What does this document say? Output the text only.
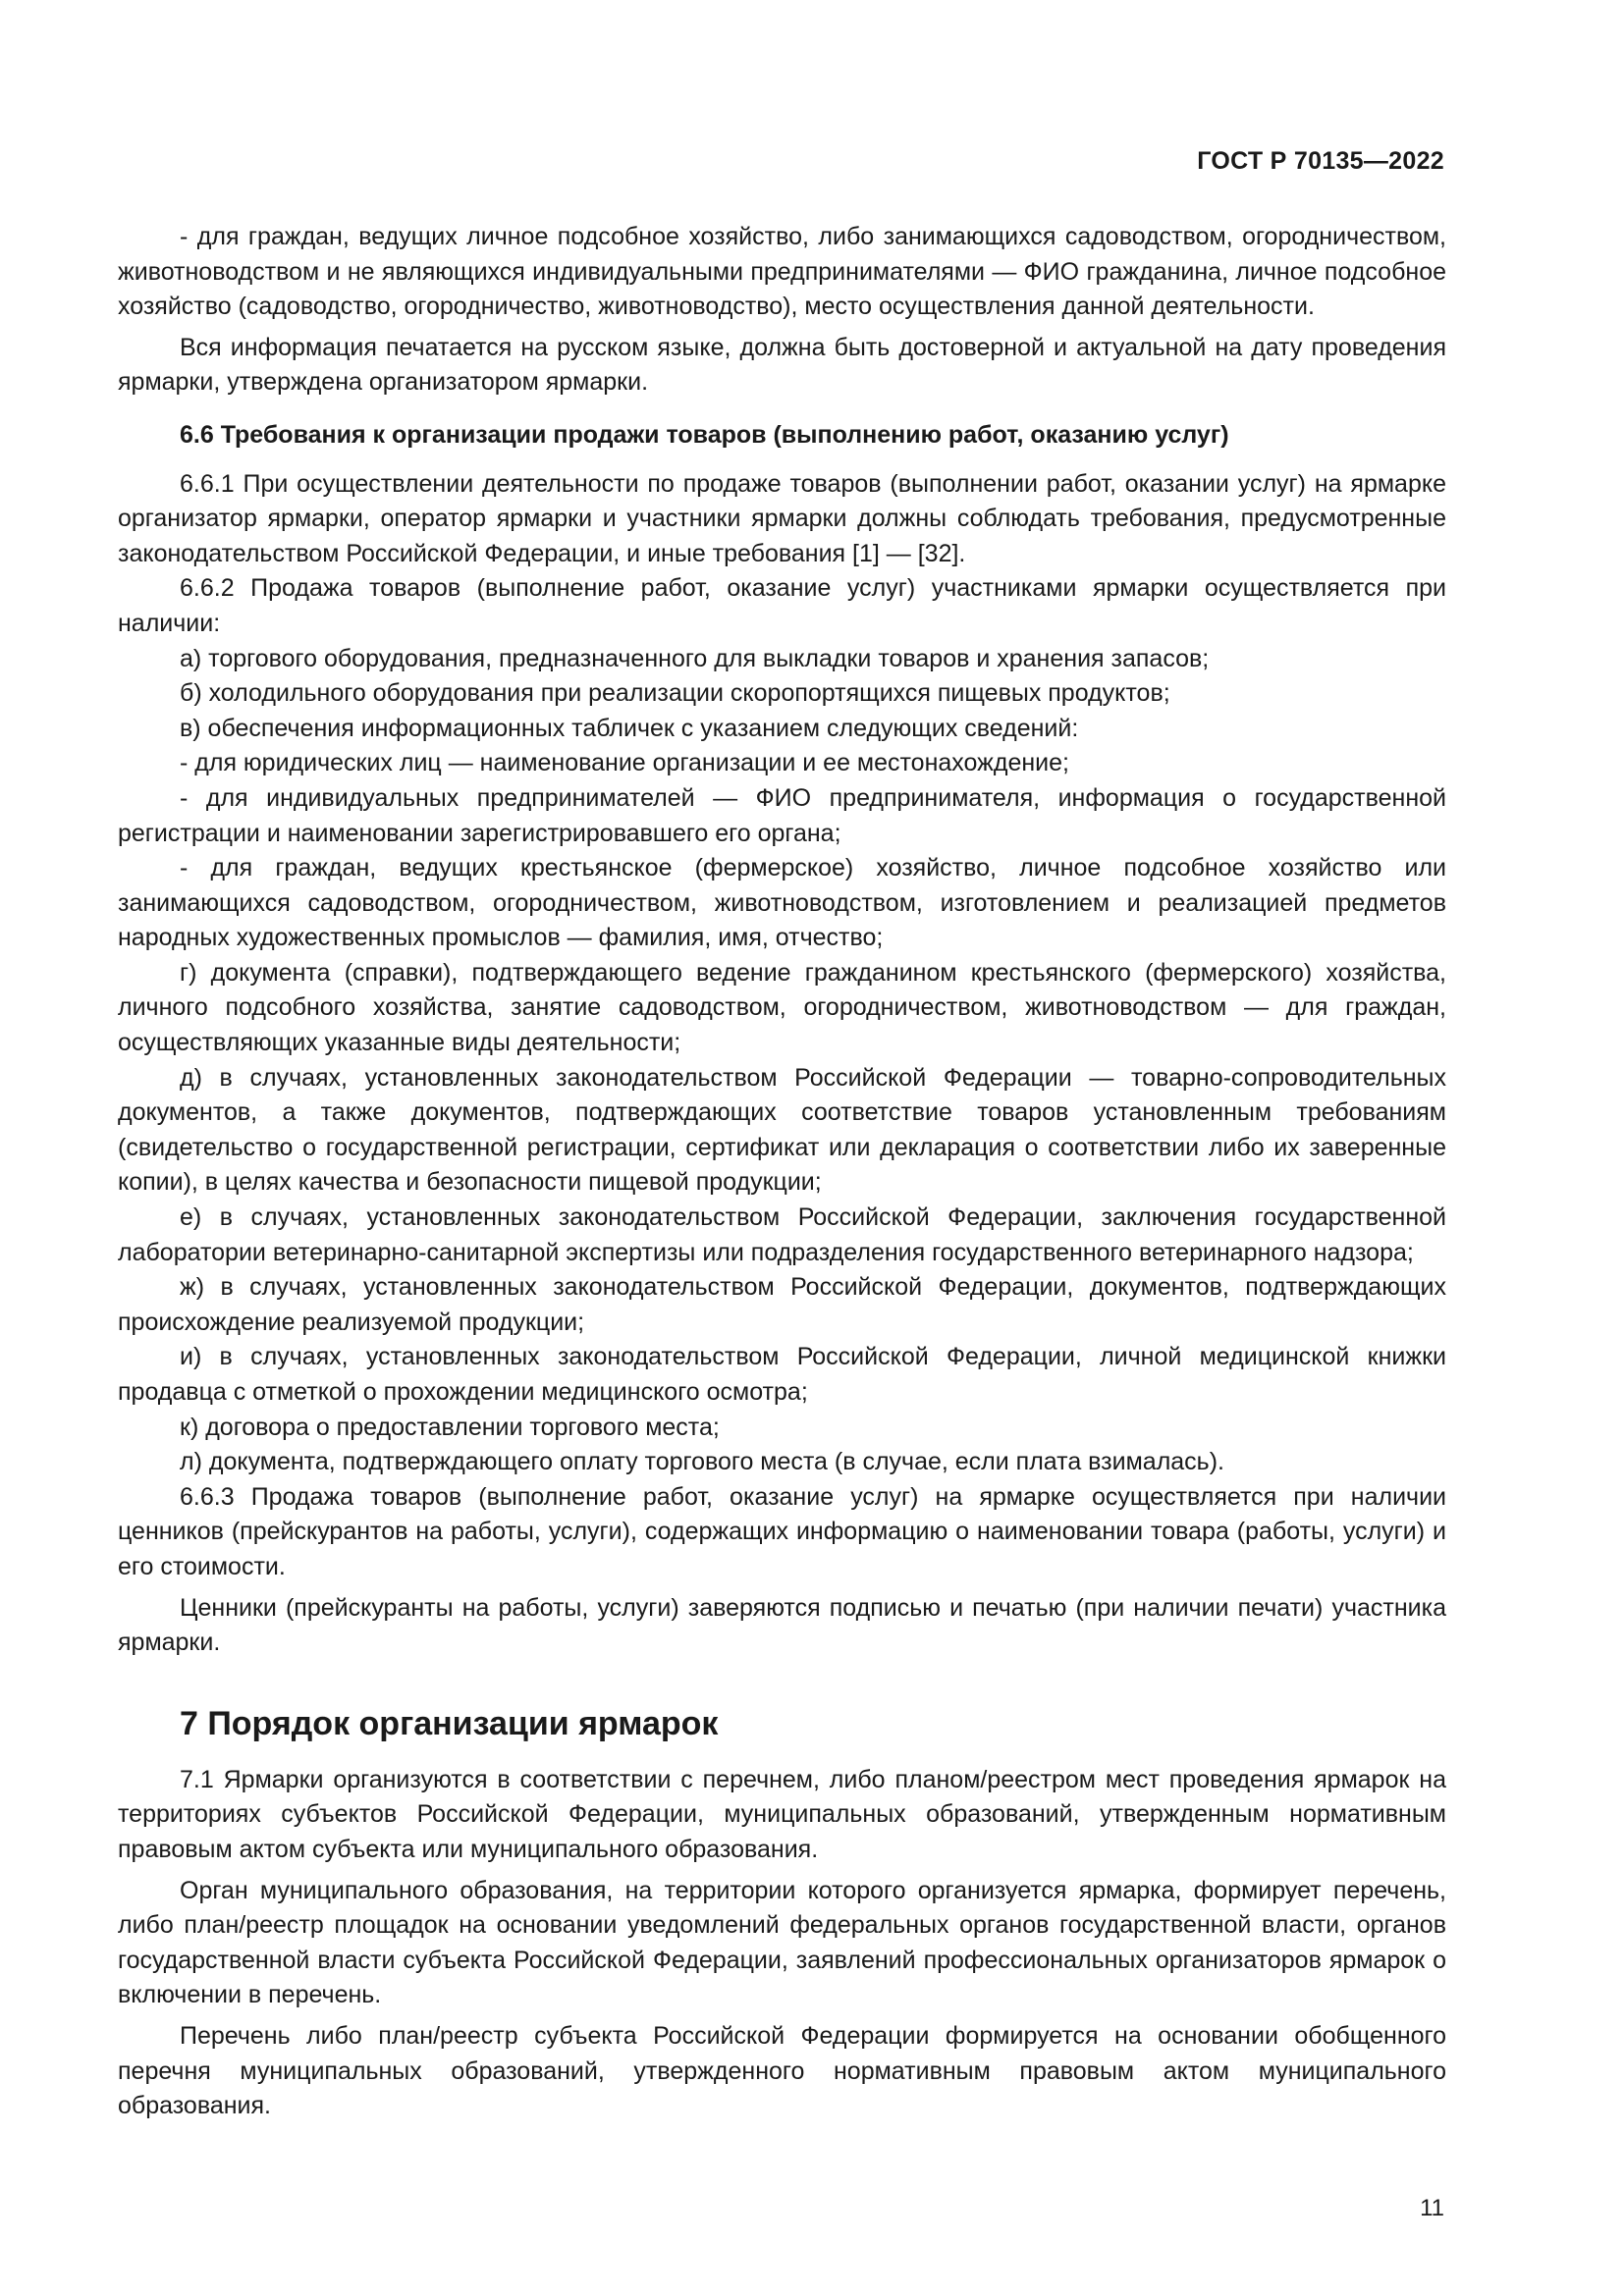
ГОСТ Р 70135—2022

- для граждан, ведущих личное подсобное хозяйство, либо занимающихся садоводством, огородничеством, животноводством и не являющихся индивидуальными предпринимателями — ФИО гражданина, личное подсобное хозяйство (садоводство, огородничество, животноводство), место осуществления данной деятельности.

Вся информация печатается на русском языке, должна быть достоверной и актуальной на дату проведения ярмарки, утверждена организатором ярмарки.

6.6 Требования к организации продажи товаров (выполнению работ, оказанию услуг)

6.6.1 При осуществлении деятельности по продаже товаров (выполнении работ, оказании услуг) на ярмарке организатор ярмарки, оператор ярмарки и участники ярмарки должны соблюдать требования, предусмотренные законодательством Российской Федерации, и иные требования [1] — [32].

6.6.2 Продажа товаров (выполнение работ, оказание услуг) участниками ярмарки осуществляется при наличии:

а) торгового оборудования, предназначенного для выкладки товаров и хранения запасов;

б) холодильного оборудования при реализации скоропортящихся пищевых продуктов;

в) обеспечения информационных табличек с указанием следующих сведений:

- для юридических лиц — наименование организации и ее местонахождение;

- для индивидуальных предпринимателей — ФИО предпринимателя, информация о государственной регистрации и наименовании зарегистрировавшего его органа;

- для граждан, ведущих крестьянское (фермерское) хозяйство, личное подсобное хозяйство или занимающихся садоводством, огородничеством, животноводством, изготовлением и реализацией предметов народных художественных промыслов — фамилия, имя, отчество;

г) документа (справки), подтверждающего ведение гражданином крестьянского (фермерского) хозяйства, личного подсобного хозяйства, занятие садоводством, огородничеством, животноводством — для граждан, осуществляющих указанные виды деятельности;

д) в случаях, установленных законодательством Российской Федерации — товарно-сопроводительных документов, а также документов, подтверждающих соответствие товаров установленным требованиям (свидетельство о государственной регистрации, сертификат или декларация о соответствии либо их заверенные копии), в целях качества и безопасности пищевой продукции;

е) в случаях, установленных законодательством Российской Федерации, заключения государственной лаборатории ветеринарно-санитарной экспертизы или подразделения государственного ветеринарного надзора;

ж) в случаях, установленных законодательством Российской Федерации, документов, подтверждающих происхождение реализуемой продукции;

и) в случаях, установленных законодательством Российской Федерации, личной медицинской книжки продавца с отметкой о прохождении медицинского осмотра;

к) договора о предоставлении торгового места;

л) документа, подтверждающего оплату торгового места (в случае, если плата взималась).

6.6.3 Продажа товаров (выполнение работ, оказание услуг) на ярмарке осуществляется при наличии ценников (прейскурантов на работы, услуги), содержащих информацию о наименовании товара (работы, услуги) и его стоимости.

Ценники (прейскуранты на работы, услуги) заверяются подписью и печатью (при наличии печати) участника ярмарки.

7 Порядок организации ярмарок

7.1 Ярмарки организуются в соответствии с перечнем, либо планом/реестром мест проведения ярмарок на территориях субъектов Российской Федерации, муниципальных образований, утвержденным нормативным правовым актом субъекта или муниципального образования.

Орган муниципального образования, на территории которого организуется ярмарка, формирует перечень, либо план/реестр площадок на основании уведомлений федеральных органов государственной власти, органов государственной власти субъекта Российской Федерации, заявлений профессиональных организаторов ярмарок о включении в перечень.

Перечень либо план/реестр субъекта Российской Федерации формируется на основании обобщенного перечня муниципальных образований, утвержденного нормативным правовым актом муниципального образования.

11
